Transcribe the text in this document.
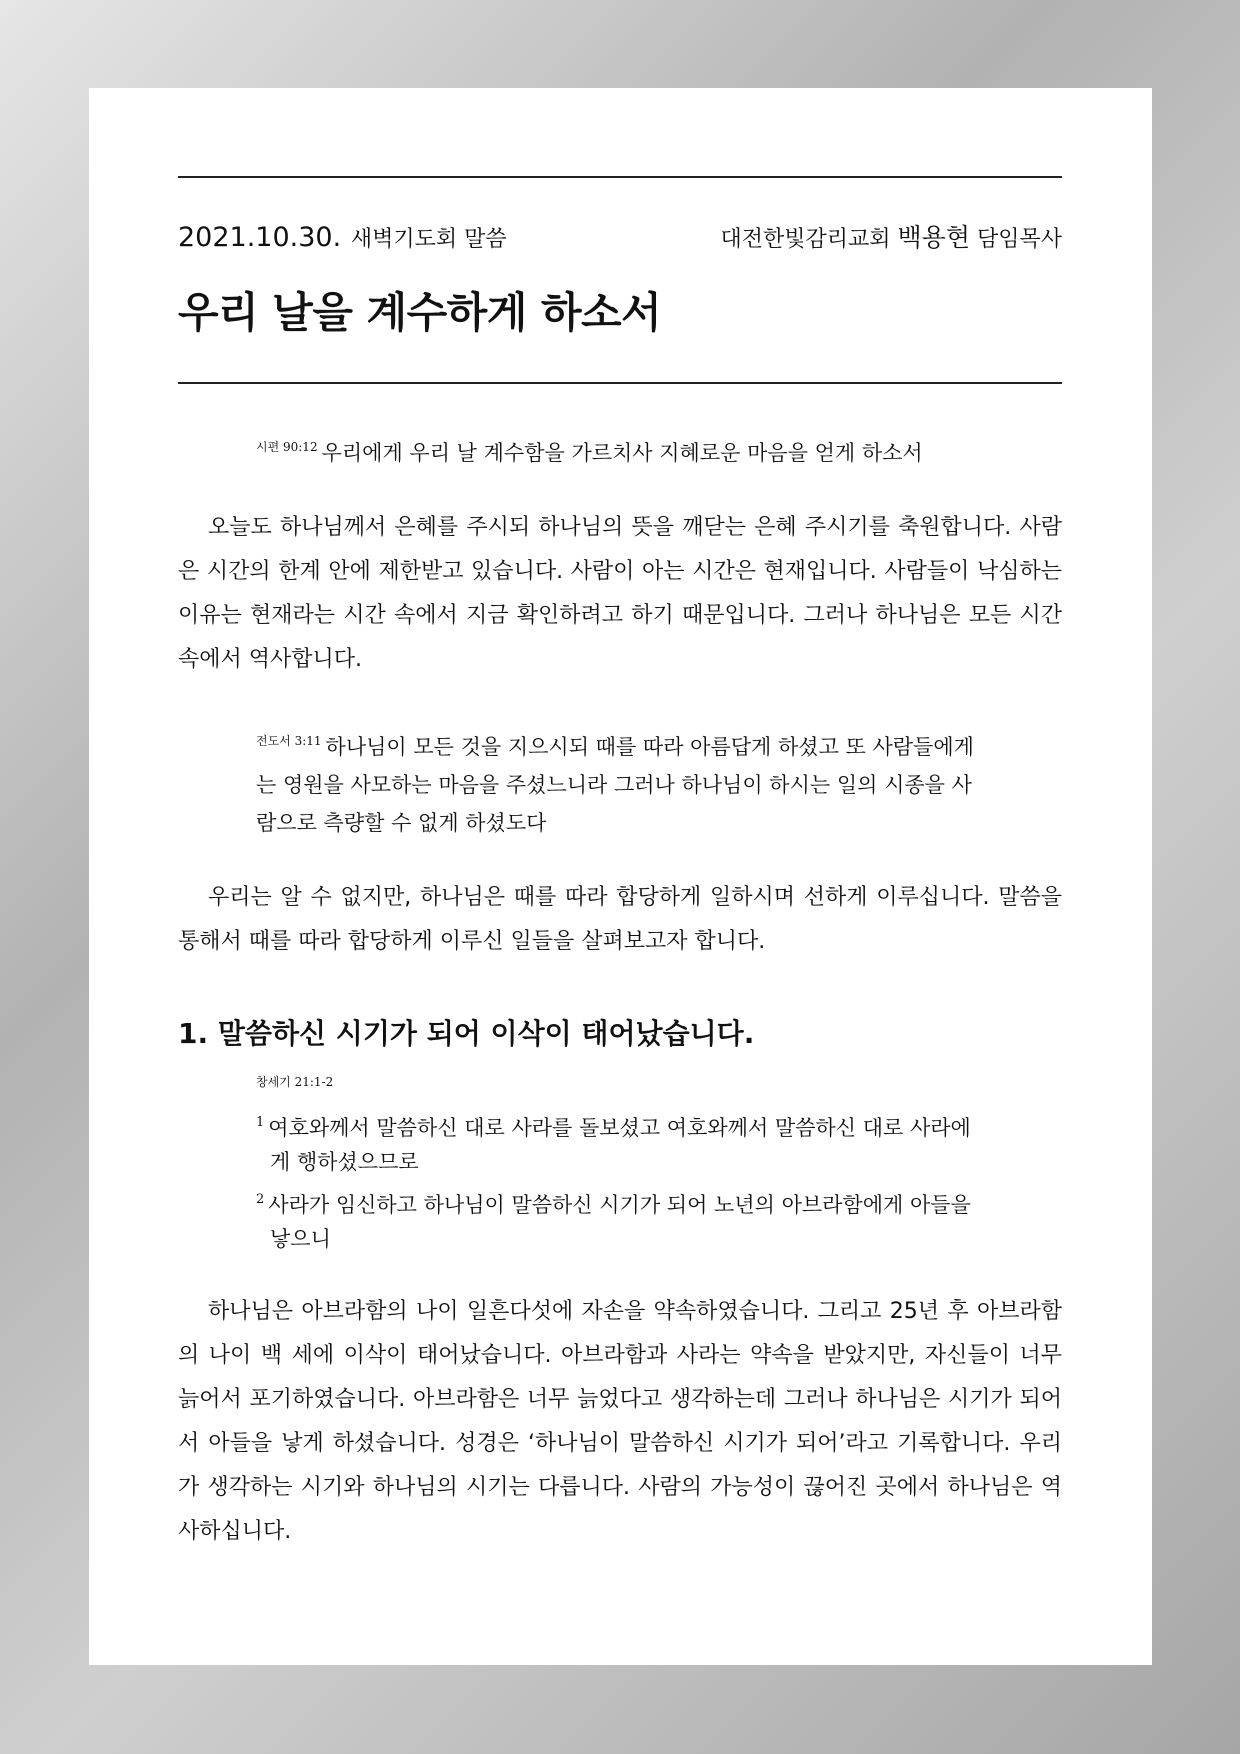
2021.10.30. 새벽기도회 말씀	대전한빛감리교회 백용현 담임목사
우리 날을 계수하게 하소서
$^{시편 90:12}$ 우리에게 우리 날 계수함을 가르치사 지혜로운 마음을 얻게 하소서
오늘도 하나님께서 은혜를 주시되 하나님의 뜻을 깨닫는 은혜 주시기를 축원합니다. 사람은 시간의 한계 안에 제한받고 있습니다. 사람이 아는 시간은 현재입니다. 사람들이 낙심하는 이유는 현재라는 시간 속에서 지금 확인하려고 하기 때문입니다. 그러나 하나님은 모든 시간 속에서 역사합니다.
$^{전도서 3:11}$ 하나님이 모든 것을 지으시되 때를 따라 아름답게 하셨고 또 사람들에게는 영원을 사모하는 마음을 주셨느니라 그러나 하나님이 하시는 일의 시종을 사람으로 측량할 수 없게 하셨도다
우리는 알 수 없지만, 하나님은 때를 따라 합당하게 일하시며 선하게 이루십니다. 말씀을 통해서 때를 따라 합당하게 이루신 일들을 살펴보고자 합니다.
1. 말씀하신 시기가 되어 이삭이 태어났습니다.
창세기 21:1-2
$^1$ 여호와께서 말씀하신 대로 사라를 돌보셨고 여호와께서 말씀하신 대로 사라에게 행하셨으므로
$^2$ 사라가 임신하고 하나님이 말씀하신 시기가 되어 노년의 아브라함에게 아들을 낳으니
하나님은 아브라함의 나이 일흔다섯에 자손을 약속하였습니다. 그리고 25년 후 아브라함의 나이 백 세에 이삭이 태어났습니다. 아브라함과 사라는 약속을 받았지만, 자신들이 너무 늙어서 포기하였습니다. 아브라함은 너무 늙었다고 생각하는데 그러나 하나님은 시기가 되어서 아들을 낳게 하셨습니다. 성경은 ‘하나님이 말씀하신 시기가 되어’라고 기록합니다. 우리가 생각하는 시기와 하나님의 시기는 다릅니다. 사람의 가능성이 끊어진 곳에서 하나님은 역사하십니다.
